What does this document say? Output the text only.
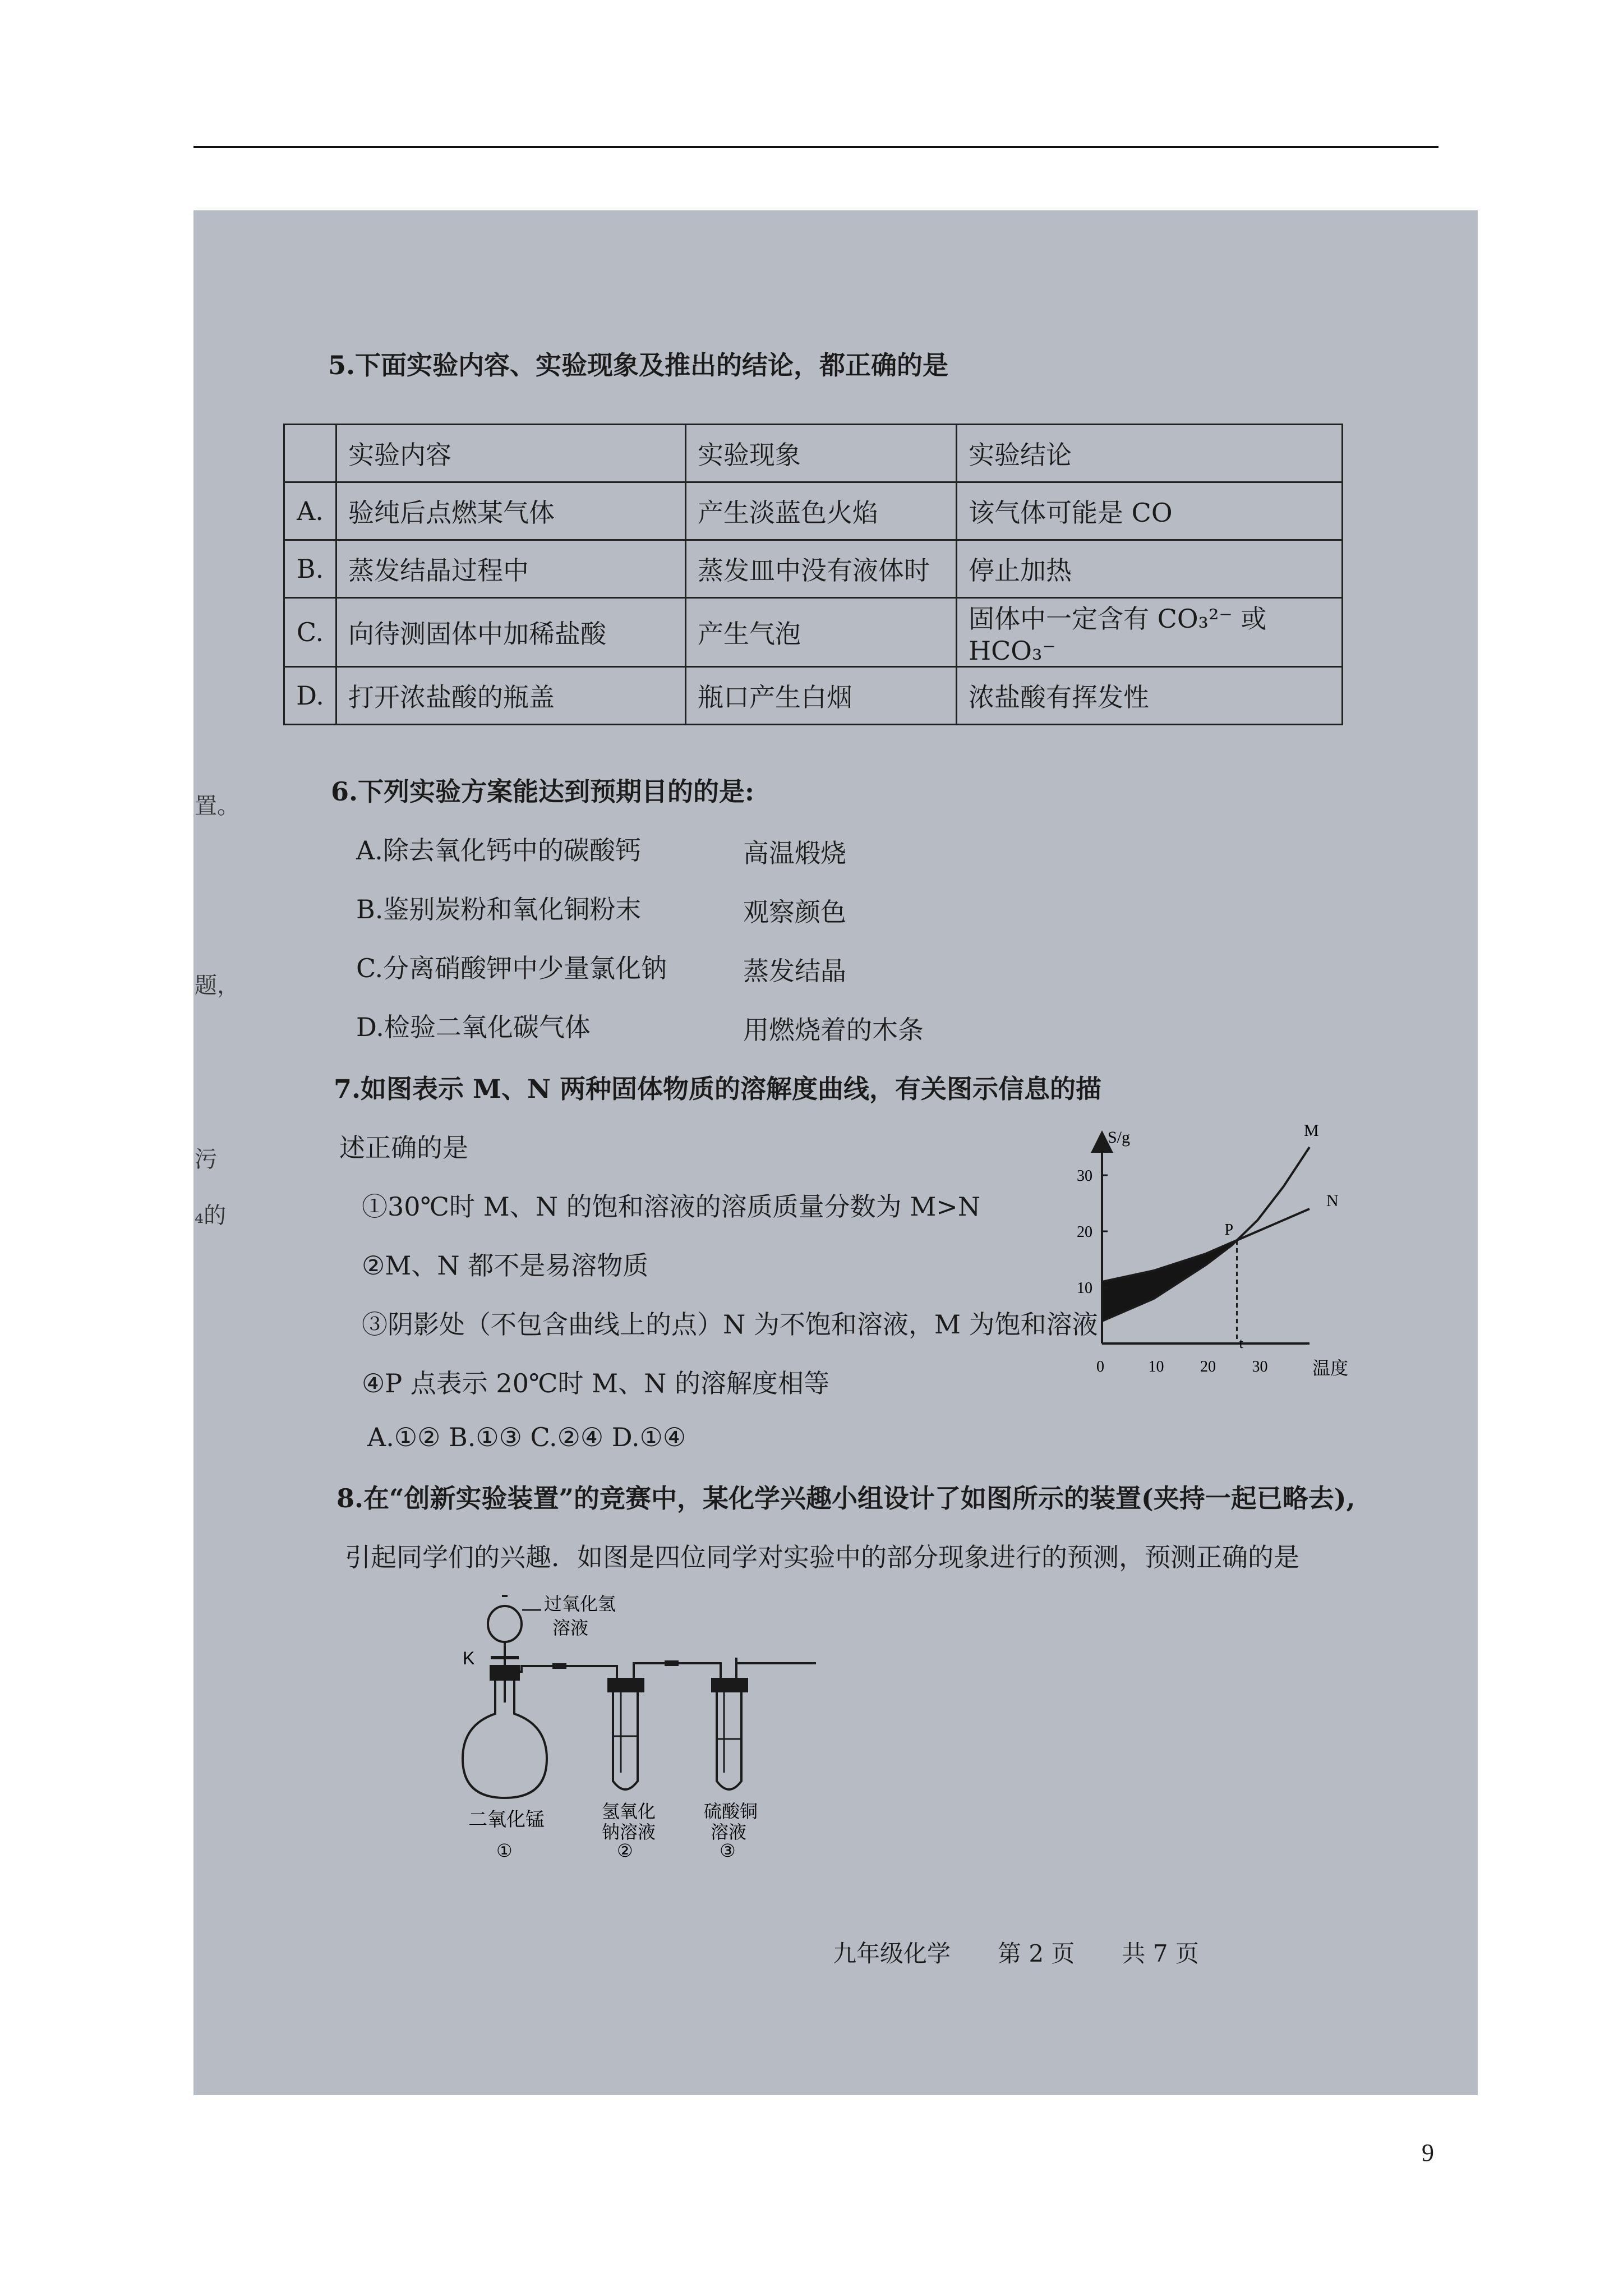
置。
题，
污
₄的
5.下面实验内容、实验现象及推出的结论，都正确的是
	实验内容	实验现象	实验结论
A.	验纯后点燃某气体	产生淡蓝色火焰	该气体可能是 CO
B.	蒸发结晶过程中	蒸发皿中没有液体时	停止加热
C.	向待测固体中加稀盐酸	产生气泡	固体中一定含有 CO₃²⁻ 或 HCO₃⁻
D.	打开浓盐酸的瓶盖	瓶口产生白烟	浓盐酸有挥发性
6.下列实验方案能达到预期目的的是:
A.除去氧化钙中的碳酸钙	高温煅烧
B.鉴别炭粉和氧化铜粉末	观察颜色
C.分离硝酸钾中少量氯化钠	蒸发结晶
D.检验二氧化碳气体	用燃烧着的木条
7.如图表示 M、N 两种固体物质的溶解度曲线，有关图示信息的描
述正确的是
①30℃时 M、N 的饱和溶液的溶质质量分数为 M>N
②M、N 都不是易溶物质
③阴影处（不包含曲线上的点）N 为不饱和溶液，M 为饱和溶液
④P 点表示 20℃时 M、N 的溶解度相等
A.①② B.①③ C.②④ D.①④
0	10 20 30
10
20
30
S/g
温度
P
t
M
N
8.在“创新实验装置”的竞赛中，某化学兴趣小组设计了如图所示的装置(夹持一起已略去),
引起同学们的兴趣．如图是四位同学对实验中的部分现象进行的预测，预测正确的是
过氧化氢
溶液
K
二氧化锰	氢氧化
钠溶液
硫酸铜
溶液
①	②	③
九年级化学　　第 2 页　　共 7 页
9
